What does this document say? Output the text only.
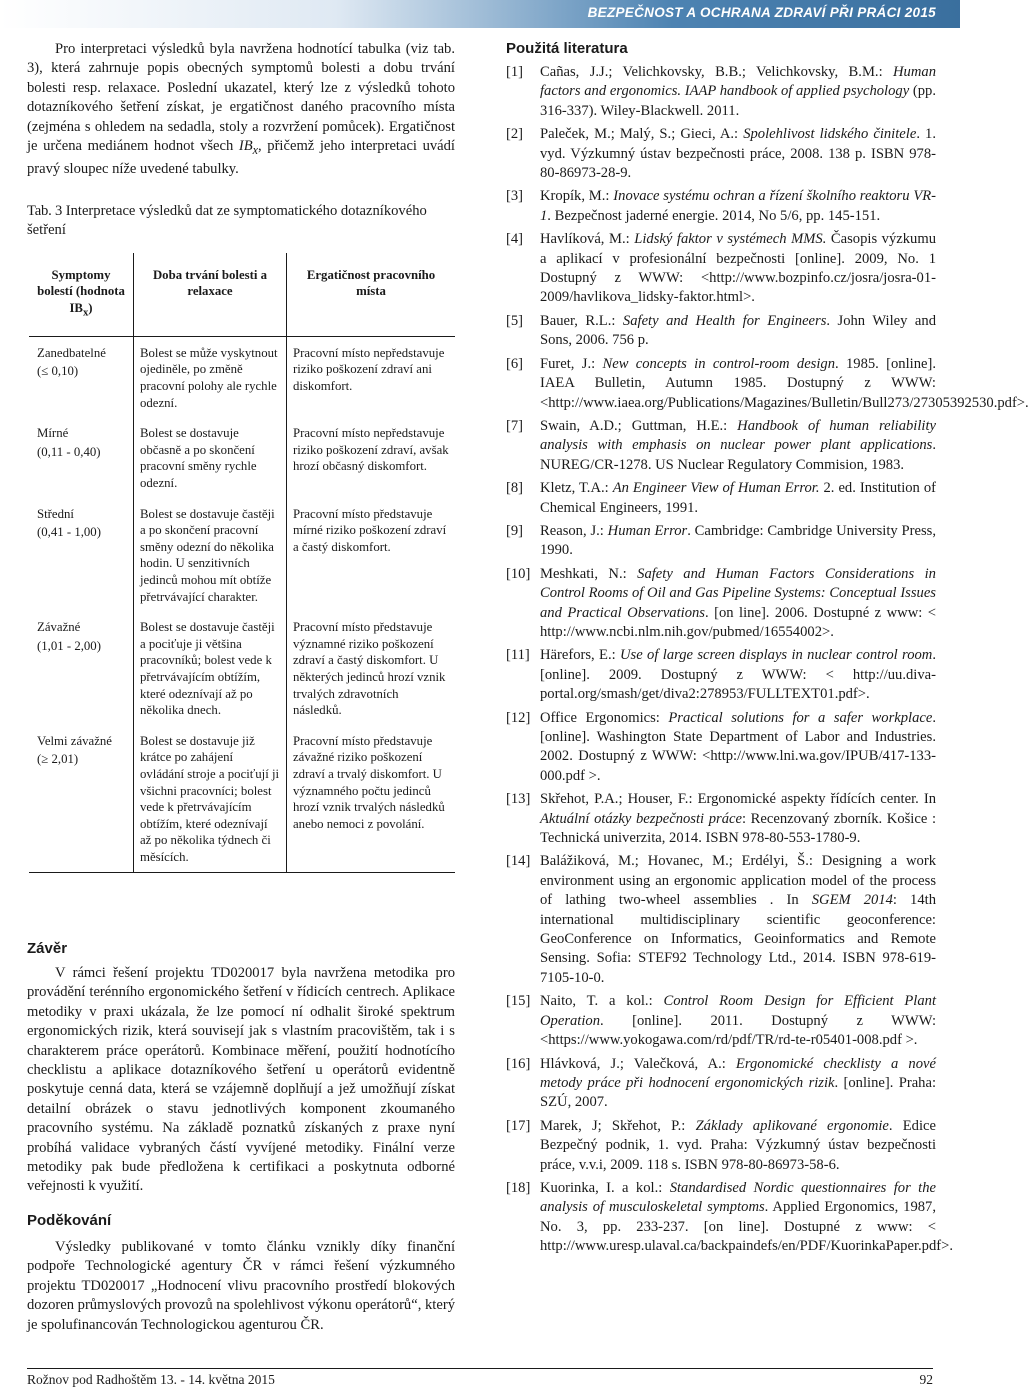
BEZPEČNOST A OCHRANA ZDRAVÍ PŘI PRÁCI 2015

Pro interpretaci výsledků byla navržena hodnotící tabulka (viz tab. 3), která zahrnuje popis obecných symptomů bolesti a dobu trvání bolesti resp. relaxace. Poslední ukazatel, který lze z výsledků tohoto dotazníkového šetření získat, je ergatičnost daného pracovního místa (zejména s ohledem na sedadla, stoly a rozvržení pomůcek). Ergatičnost je určena mediánem hodnot všech $IB_x$, přičemž jeho interpretaci uvádí pravý sloupec níže uvedené tabulky.

Tab. 3 Interpretace výsledků dat ze symptomatického dotazníkového šetření

Symptomy bolestí (hodnota $IB_x$)	Doba trvání bolesti a relaxace	Ergatičnost pracovního místa

Zanedbatelné
(≤ 0,10)	Bolest se může vyskytnout ojediněle, po změně pracovní polohy ale rychle odezní.	Pracovní místo nepředstavuje riziko poškození zdraví ani diskomfort.

Mírné
(0,11 - 0,40)	Bolest se dostavuje občasně a po skončení pracovní směny rychle odezní.	Pracovní místo nepředstavuje riziko poškození zdraví, avšak hrozí občasný diskomfort.

Střední
(0,41 - 1,00)	Bolest se dostavuje častěji a po skončení pracovní směny odezní do několika hodin. U senzitivních jedinců mohou mít obtíže přetrvávající charakter.	Pracovní místo představuje mírné riziko poškození zdraví a častý diskomfort.

Závažné
(1,01 - 2,00)	Bolest se dostavuje častěji a pociťuje ji většina pracovníků; bolest vede k přetrvávajícím obtížím, které odeznívají až po několika dnech.	Pracovní místo představuje významné riziko poškození zdraví a častý diskomfort. U některých jedinců hrozí vznik trvalých zdravotních následků.

Velmi závažné
(≥ 2,01)	Bolest se dostavuje již krátce po zahájení ovládání stroje a pociťují ji všichni pracovníci; bolest vede k přetrvávajícím obtížím, které odeznívají až po několika týdnech či měsících.	Pracovní místo představuje závažné riziko poškození zdraví a trvalý diskomfort. U významného počtu jedinců hrozí vznik trvalých následků anebo nemoci z povolání.
Závěr

V rámci řešení projektu TD020017 byla navržena metodika pro provádění terénního ergonomického šetření v řídicích centrech. Aplikace metodiky v praxi ukázala, že lze pomocí ní odhalit široké spektrum ergonomických rizik, která souvisejí jak s vlastním pracovištěm, tak i s charakterem práce operátorů. Kombinace měření, použití hodnotícího checklistu a aplikace dotazníkového šetření u operátorů evidentně poskytuje cenná data, která se vzájemně doplňují a jež umožňují získat detailní obrázek o stavu jednotlivých komponent zkoumaného pracovního systému. Na základě poznatků získaných z praxe nyní probíhá validace vybraných částí vyvíjené metodiky. Finální verze metodiky pak bude předložena k certifikaci a poskytnuta odborné veřejnosti k využití.

Poděkování

Výsledky publikované v tomto článku vznikly díky finanční podpoře Technologické agentury ČR v rámci řešení výzkumného projektu TD020017 „Hodnocení vlivu pracovního prostředí blokových dozoren průmyslových provozů na spolehlivost výkonu operátorů“, který je spolufinancován Technologickou agenturou ČR.

Použitá literatura
[1] Cañas, J.J.; Velichkovsky, B.B.; Velichkovsky, B.M.: Human factors and ergonomics. IAAP handbook of applied psychology (pp. 316-337). Wiley-Blackwell. 2011.
[2] Paleček, M.; Malý, S.; Gieci, A.: Spolehlivost lidského činitele. 1. vyd. Výzkumný ústav bezpečnosti práce, 2008. 138 p. ISBN 978-80-86973-28-9.
[3] Kropík, M.: Inovace systému ochran a řízení školního reaktoru VR-1. Bezpečnost jaderné energie. 2014, No 5/6, pp. 145-151.
[4] Havlíková, M.: Lidský faktor v systémech MMS. Časopis výzkumu a aplikací v profesionální bezpečnosti [online]. 2009, No. 1 Dostupný z WWW: <http://www.bozpinfo.cz/josra/josra-01-2009/havlikova_lidsky-faktor.html>.
[5] Bauer, R.L.: Safety and Health for Engineers. John Wiley and Sons, 2006. 756 p.
[6] Furet, J.: New concepts in control-room design. 1985. [online]. IAEA Bulletin, Autumn 1985. Dostupný z WWW: <http://www.iaea.org/Publications/Magazines/Bulletin/Bull273/27305392530.pdf>.
[7] Swain, A.D.; Guttman, H.E.: Handbook of human reliability analysis with emphasis on nuclear power plant applications. NUREG/CR-1278. US Nuclear Regulatory Commision, 1983.
[8] Kletz, T.A.: An Engineer View of Human Error. 2. ed. Institution of Chemical Engineers, 1991.
[9] Reason, J.: Human Error. Cambridge: Cambridge University Press, 1990.
[10] Meshkati, N.: Safety and Human Factors Considerations in Control Rooms of Oil and Gas Pipeline Systems: Conceptual Issues and Practical Observations. [on line]. 2006. Dostupné z www: < http://www.ncbi.nlm.nih.gov/pubmed/16554002>.
[11] Härefors, E.: Use of large screen displays in nuclear control room. [online]. 2009. Dostupný z WWW: < http://uu.diva-portal.org/smash/get/diva2:278953/FULLTEXT01.pdf>.
[12] Office Ergonomics: Practical solutions for a safer workplace. [online]. Washington State Department of Labor and Industries. 2002. Dostupný z WWW: <http://www.lni.wa.gov/IPUB/417-133-000.pdf >.
[13] Skřehot, P.A.; Houser, F.: Ergonomické aspekty řídících center. In Aktuální otázky bezpečnosti práce: Recenzovaný zborník. Košice : Technická univerzita, 2014. ISBN 978-80-553-1780-9.
[14] Balážiková, M.; Hovanec, M.; Erdélyi, Š.: Designing a work environment using an ergonomic application model of the process of lathing two-wheel assemblies . In SGEM 2014: 14th international multidisciplinary scientific geoconference: GeoConference on Informatics, Geoinformatics and Remote Sensing. Sofia: STEF92 Technology Ltd., 2014. ISBN 978-619-7105-10-0.
[15] Naito, T. a kol.: Control Room Design for Efficient Plant Operation. [online]. 2011. Dostupný z WWW: <https://www.yokogawa.com/rd/pdf/TR/rd-te-r05401-008.pdf >.
[16] Hlávková, J.; Valečková, A.: Ergonomické checklisty a nové metody práce při hodnocení ergonomických rizik. [online]. Praha: SZÚ, 2007.
[17] Marek, J; Skřehot, P.: Základy aplikované ergonomie. Edice Bezpečný podnik, 1. vyd. Praha: Výzkumný ústav bezpečnosti práce, v.v.i, 2009. 118 s. ISBN 978-80-86973-58-6.
[18] Kuorinka, I. a kol.: Standardised Nordic questionnaires for the analysis of musculoskeletal symptoms. Applied Ergonomics, 1987, No. 3, pp. 233-237. [on line]. Dostupné z www: < http://www.uresp.ulaval.ca/backpaindefs/en/PDF/KuorinkaPaper.pdf>.
Rožnov pod Radhoštěm 13. - 14. května 2015	92
